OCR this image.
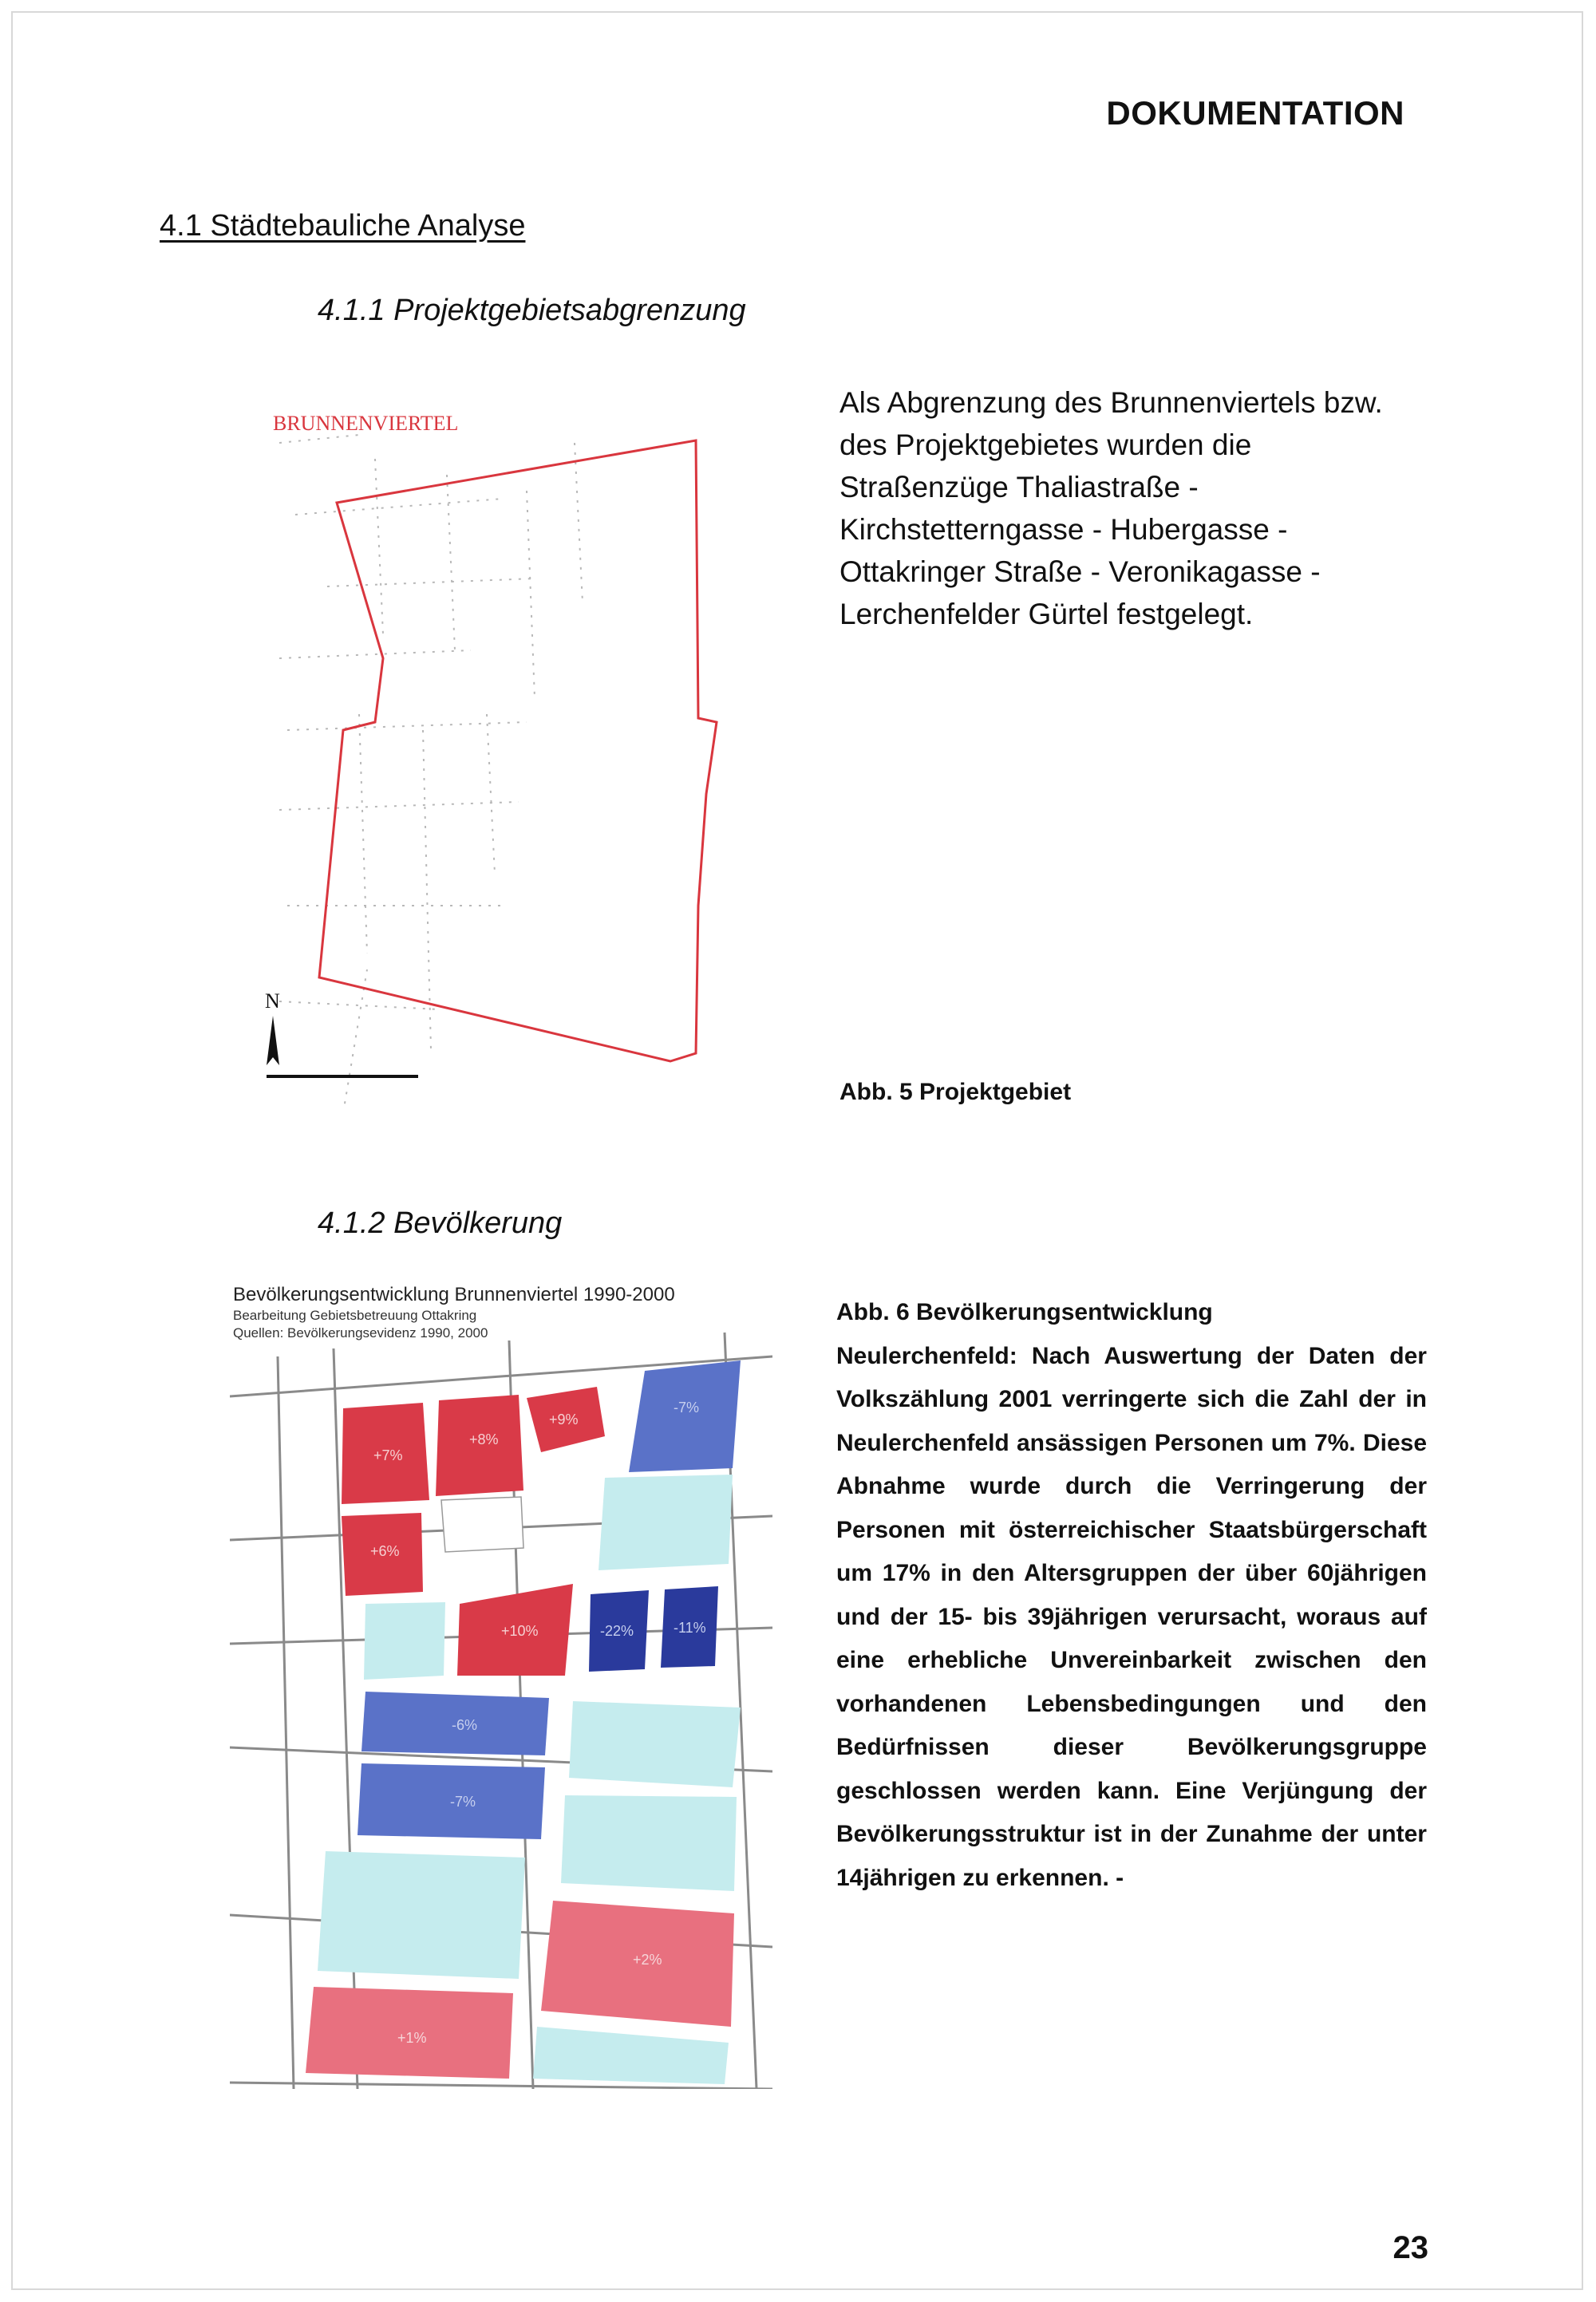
DOKUMENTATION
4.1 Städtebauliche Analyse
4.1.1 Projektgebietsabgrenzung
BRUNNENVIERTEL
N
Als Abgrenzung des Brunnenviertels bzw. des Projektgebietes wurden die Straßenzüge Thaliastraße - Kirchstetterngasse - Hubergasse - Ottakringer Straße - Veronikagasse - Lerchenfelder Gürtel festgelegt.
Abb. 5 Projektgebiet
4.1.2 Bevölkerung
Bevölkerungsentwicklung Brunnenviertel 1990-2000
Bearbeitung Gebietsbetreuung Ottakring
Quellen: Bevölkerungsevidenz 1990, 2000
+7%
+8%
+9%
-7%
+6%
+10%	-22%	-11%
-6%
-7%
+2%
+1%
Abb. 6 Bevölkerungsentwicklung
Neulerchenfeld: Nach Auswertung der Daten der Volkszählung 2001 verringerte sich die Zahl der in Neulerchenfeld ansässigen Personen um 7%. Diese Abnahme wurde durch die Verringerung der Personen mit österreichischer Staatsbürgerschaft um 17% in den Altersgruppen der über 60jährigen und der 15- bis 39jährigen verursacht, woraus auf eine erhebliche Unvereinbarkeit zwischen den vorhandenen Lebensbedingungen und den Bedürfnissen dieser Bevölkerungsgruppe geschlossen werden kann. Eine Verjüngung der Bevölkerungsstruktur ist in der Zunahme der unter 14jährigen zu erkennen. -
23
